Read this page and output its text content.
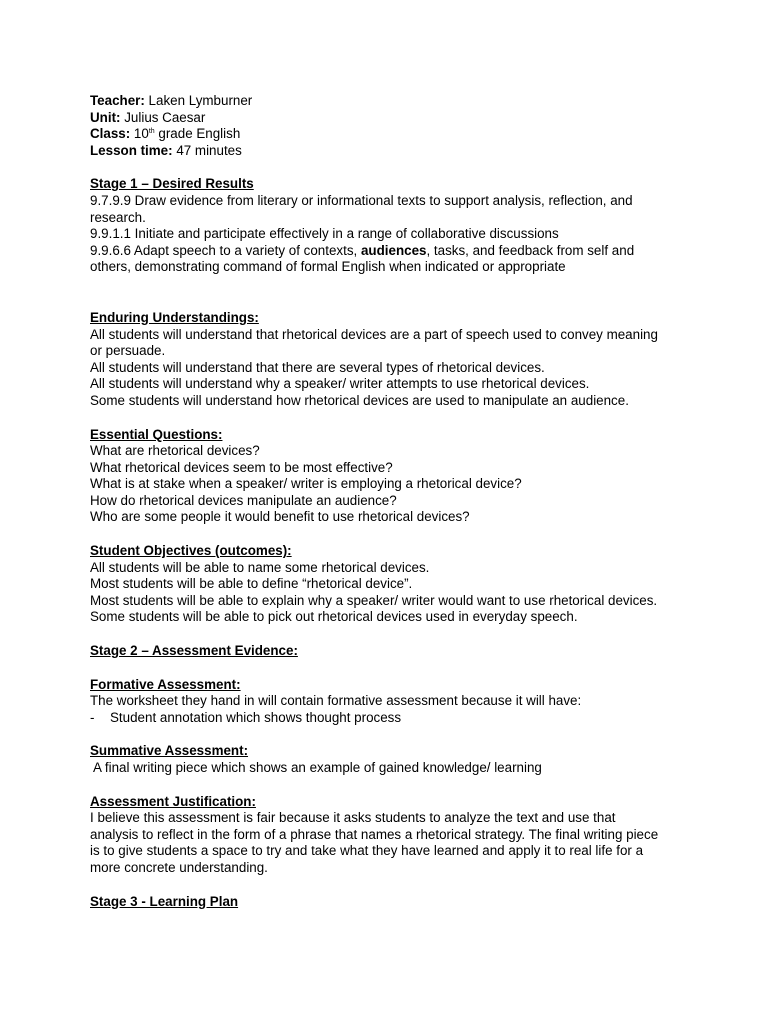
Teacher: Laken Lymburner
Unit: Julius Caesar
Class: 10th grade English
Lesson time: 47 minutes
Stage 1 – Desired Results
9.7.9.9 Draw evidence from literary or informational texts to support analysis, reflection, and
research.
9.9.1.1 Initiate and participate effectively in a range of collaborative discussions
9.9.6.6 Adapt speech to a variety of contexts, audiences, tasks, and feedback from self and
others, demonstrating command of formal English when indicated or appropriate
Enduring Understandings:
All students will understand that rhetorical devices are a part of speech used to convey meaning
or persuade.
All students will understand that there are several types of rhetorical devices.
All students will understand why a speaker/ writer attempts to use rhetorical devices.
Some students will understand how rhetorical devices are used to manipulate an audience.
Essential Questions:
What are rhetorical devices?
What rhetorical devices seem to be most effective?
What is at stake when a speaker/ writer is employing a rhetorical device?
How do rhetorical devices manipulate an audience?
Who are some people it would benefit to use rhetorical devices?
Student Objectives (outcomes):
All students will be able to name some rhetorical devices.
Most students will be able to define “rhetorical device”.
Most students will be able to explain why a speaker/ writer would want to use rhetorical devices.
Some students will be able to pick out rhetorical devices used in everyday speech.
Stage 2 – Assessment Evidence:
Formative Assessment:
The worksheet they hand in will contain formative assessment because it will have:
- Student annotation which shows thought process
Summative Assessment:
A final writing piece which shows an example of gained knowledge/ learning
Assessment Justification:
I believe this assessment is fair because it asks students to analyze the text and use that
analysis to reflect in the form of a phrase that names a rhetorical strategy. The final writing piece
is to give students a space to try and take what they have learned and apply it to real life for a
more concrete understanding.
Stage 3 - Learning Plan
